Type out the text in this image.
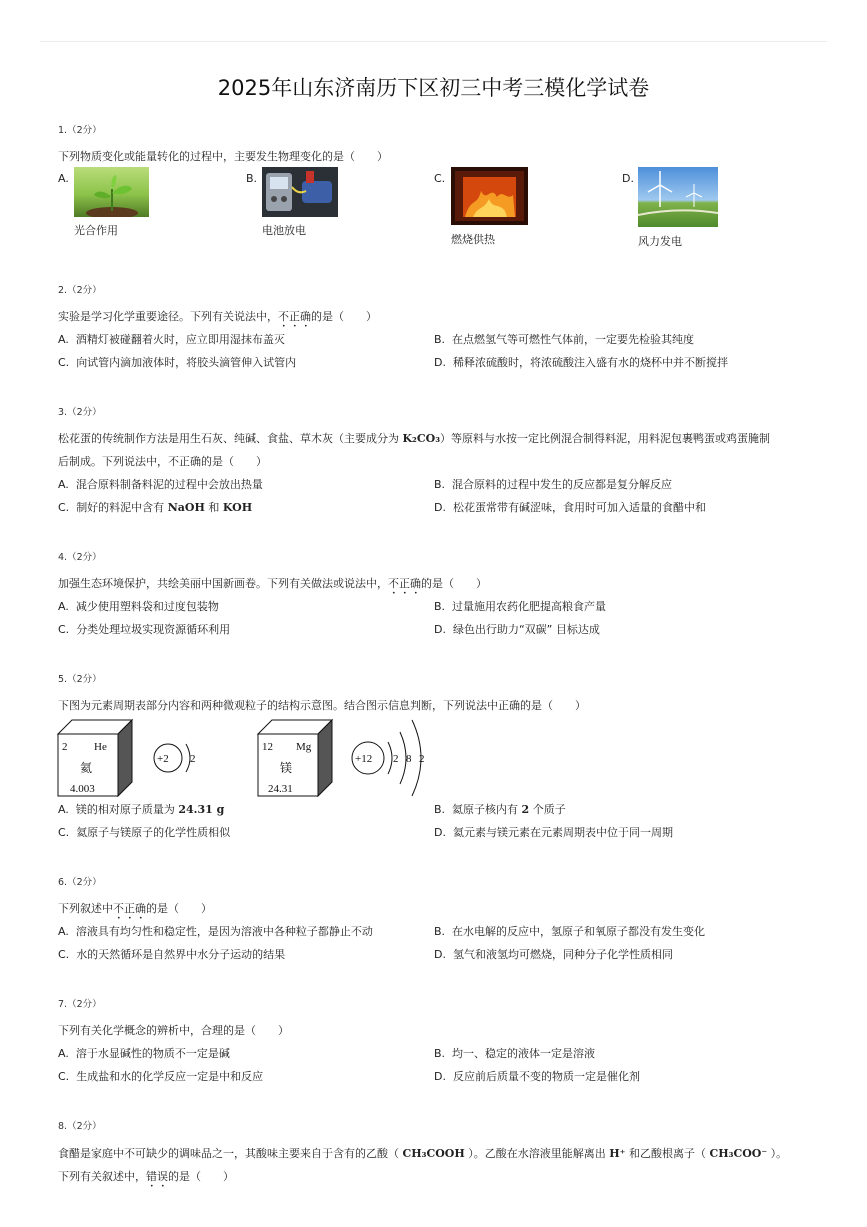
2025年山东济南历下区初三中考三模化学试卷
1.（2分）
下列物质变化或能量转化的过程中，主要发生物理变化的是（　　）
A.
光合作用
B.
电池放电
C.
燃烧供热
D.
风力发电
2.（2分）
实验是学习化学重要途径。下列有关说法中，不正确的是（　　）
A. 酒精灯被碰翻着火时，应立即用湿抹布盖灭	B. 在点燃氢气等可燃性气体前，一定要先检验其纯度
C. 向试管内滴加液体时，将胶头滴管伸入试管内	D. 稀释浓硫酸时，将浓硫酸注入盛有水的烧杯中并不断搅拌
3.（2分）
松花蛋的传统制作方法是用生石灰、纯碱、食盐、草木灰（主要成分为 K₂CO₃）等原料与水按一定比例混合制得料泥，用料泥包裹鸭蛋或鸡蛋腌制
后制成。下列说法中，不正确的是（　　）
A. 混合原料制备料泥的过程中会放出热量	B. 混合原料的过程中发生的反应都是复分解反应
C. 制好的料泥中含有 NaOH 和 KOH	D. 松花蛋常带有碱涩味，食用时可加入适量的食醋中和
4.（2分）
加强生态环境保护，共绘美丽中国新画卷。下列有关做法或说法中，不正确的是（　　）
A. 减少使用塑料袋和过度包装物	B. 过量施用农药化肥提高粮食产量
C. 分类处理垃圾实现资源循环利用	D. 绿色出行助力“双碳” 目标达成
5.（2分）
下图为元素周期表部分内容和两种微观粒子的结构示意图。结合图示信息判断，下列说法中正确的是（　　）
2 He
氦
4.003
+2 2
12 Mg
镁
24.31
+12 2 8 2
A. 镁的相对原子质量为 24.31 g	B. 氦原子核内有 2 个质子
C. 氦原子与镁原子的化学性质相似	D. 氦元素与镁元素在元素周期表中位于同一周期
6.（2分）
下列叙述中不正确的是（　　）
A. 溶液具有均匀性和稳定性，是因为溶液中各种粒子都静止不动	B. 在水电解的反应中，氢原子和氧原子都没有发生变化
C. 水的天然循环是自然界中水分子运动的结果	D. 氢气和液氢均可燃烧，同种分子化学性质相同
7.（2分）
下列有关化学概念的辨析中，合理的是（　　）
A. 溶于水显碱性的物质不一定是碱	B. 均一、稳定的液体一定是溶液
C. 生成盐和水的化学反应一定是中和反应	D. 反应前后质量不变的物质一定是催化剂
8.（2分）
食醋是家庭中不可缺少的调味品之一，其酸味主要来自于含有的乙酸（ CH₃COOH ）。乙酸在水溶液里能解离出 H⁺ 和乙酸根离子（ CH₃COO⁻ ）。
下列有关叙述中，错误的是（　　）
